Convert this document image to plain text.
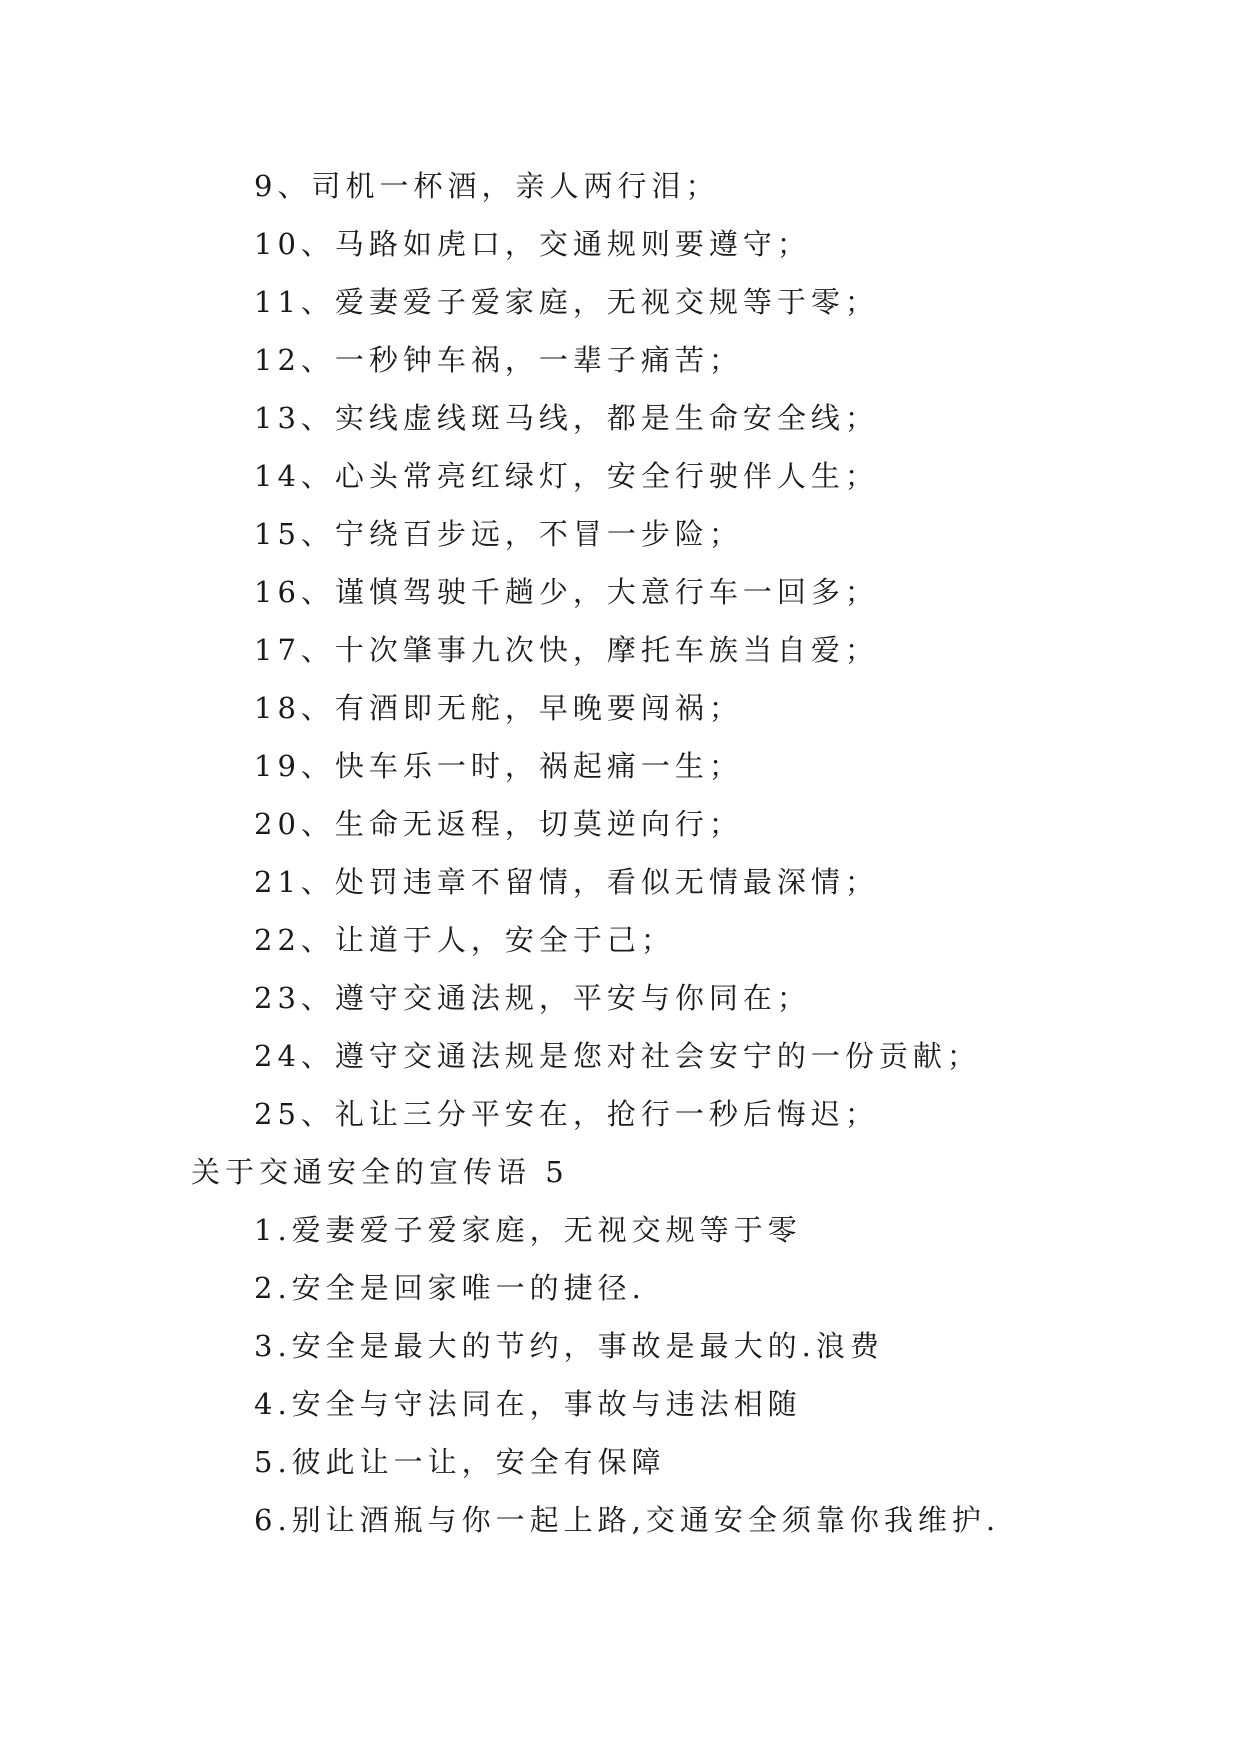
9、司机一杯酒，亲人两行泪；
10、马路如虎口，交通规则要遵守；
11、爱妻爱子爱家庭，无视交规等于零；
12、一秒钟车祸，一辈子痛苦；
13、实线虚线斑马线，都是生命安全线；
14、心头常亮红绿灯，安全行驶伴人生；
15、宁绕百步远，不冒一步险；
16、谨慎驾驶千趟少，大意行车一回多；
17、十次肇事九次快，摩托车族当自爱；
18、有酒即无舵，早晚要闯祸；
19、快车乐一时，祸起痛一生；
20、生命无返程，切莫逆向行；
21、处罚违章不留情，看似无情最深情；
22、让道于人，安全于己；
23、遵守交通法规，平安与你同在；
24、遵守交通法规是您对社会安宁的一份贡献；
25、礼让三分平安在，抢行一秒后悔迟；
关于交通安全的宣传语 5
1.爱妻爱子爱家庭，无视交规等于零
2.安全是回家唯一的捷径.
3.安全是最大的节约，事故是最大的.浪费
4.安全与守法同在，事故与违法相随
5.彼此让一让，安全有保障
6.别让酒瓶与你一起上路,交通安全须靠你我维护.
